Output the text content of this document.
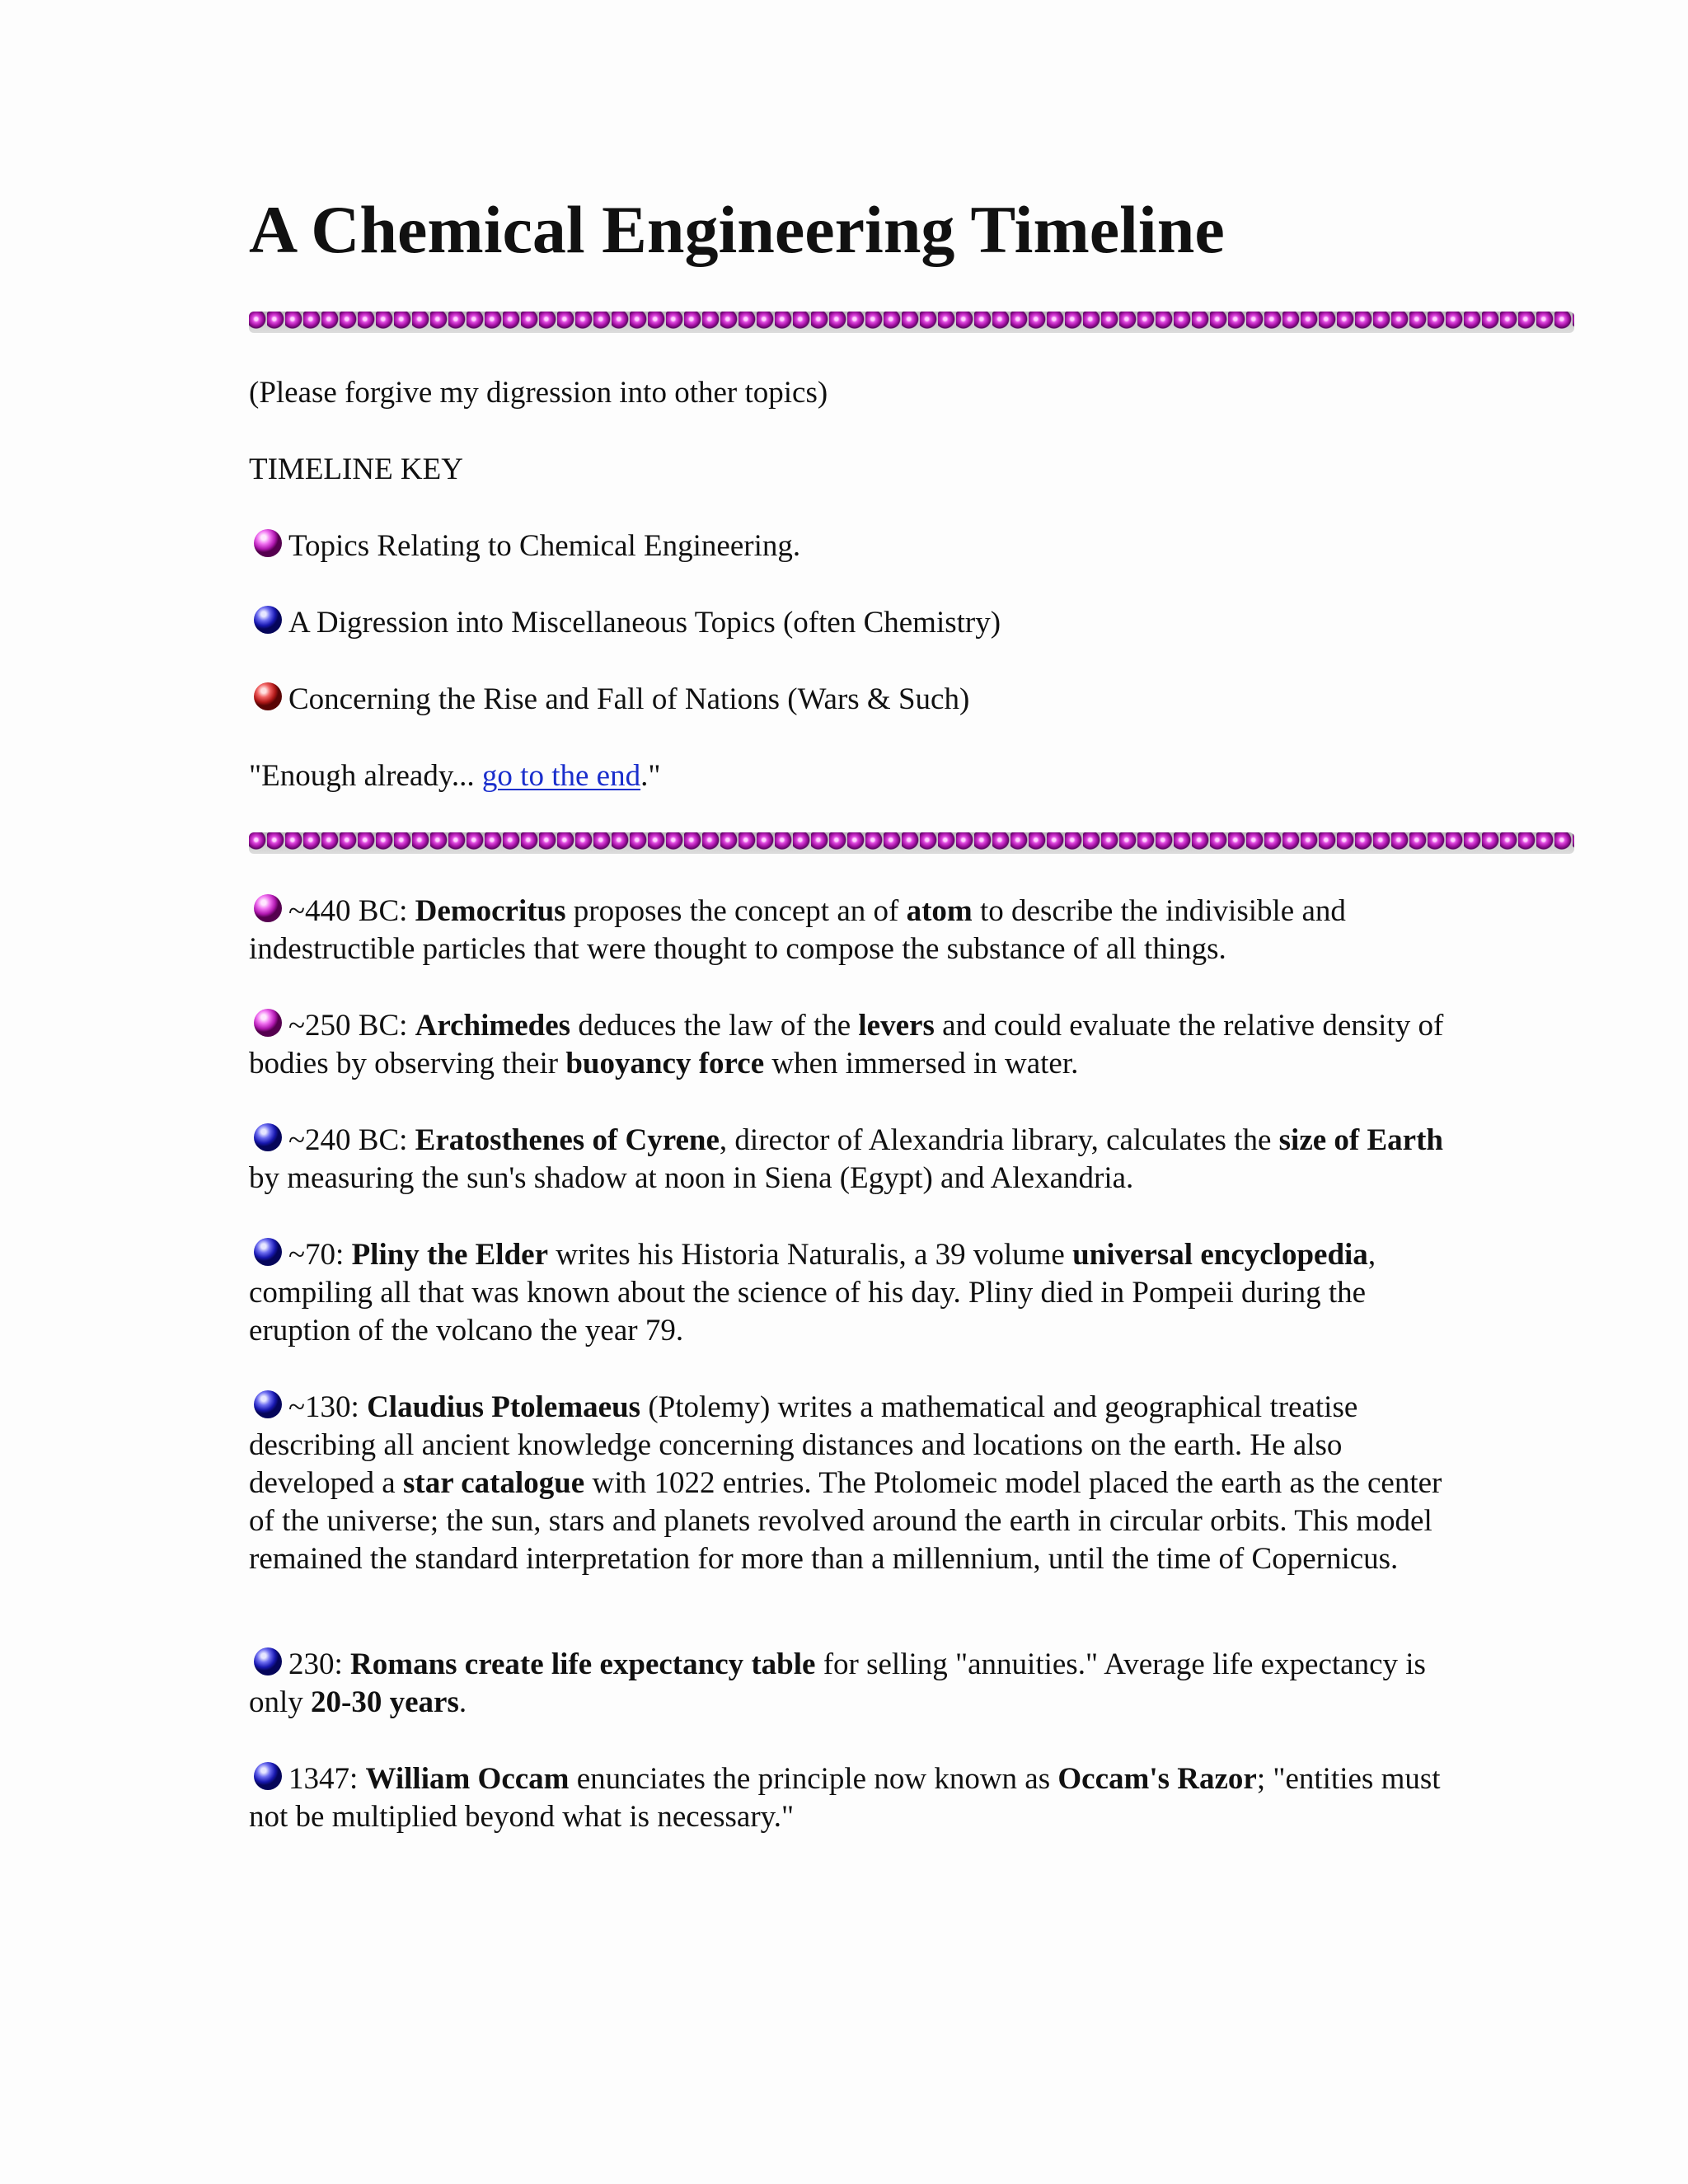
A Chemical Engineering Timeline
(Please forgive my digression into other topics)
TIMELINE KEY
Topics Relating to Chemical Engineering.
A Digression into Miscellaneous Topics (often Chemistry)
Concerning the Rise and Fall of Nations (Wars & Such)
"Enough already... go to the end."
~440 BC: Democritus proposes the concept an of atom to describe the indivisible and indestructible particles that were thought to compose the substance of all things.
~250 BC: Archimedes deduces the law of the levers and could evaluate the relative density of bodies by observing their buoyancy force when immersed in water.
~240 BC: Eratosthenes of Cyrene, director of Alexandria library, calculates the size of Earth by measuring the sun's shadow at noon in Siena (Egypt) and Alexandria.
~70: Pliny the Elder writes his Historia Naturalis, a 39 volume universal encyclopedia, compiling all that was known about the science of his day. Pliny died in Pompeii during the eruption of the volcano the year 79.
~130: Claudius Ptolemaeus (Ptolemy) writes a mathematical and geographical treatise describing all ancient knowledge concerning distances and locations on the earth. He also developed a star catalogue with 1022 entries. The Ptolomeic model placed the earth as the center of the universe; the sun, stars and planets revolved around the earth in circular orbits. This model remained the standard interpretation for more than a millennium, until the time of Copernicus.
230: Romans create life expectancy table for selling "annuities." Average life expectancy is only 20-30 years.
1347: William Occam enunciates the principle now known as Occam's Razor; "entities must not be multiplied beyond what is necessary."
